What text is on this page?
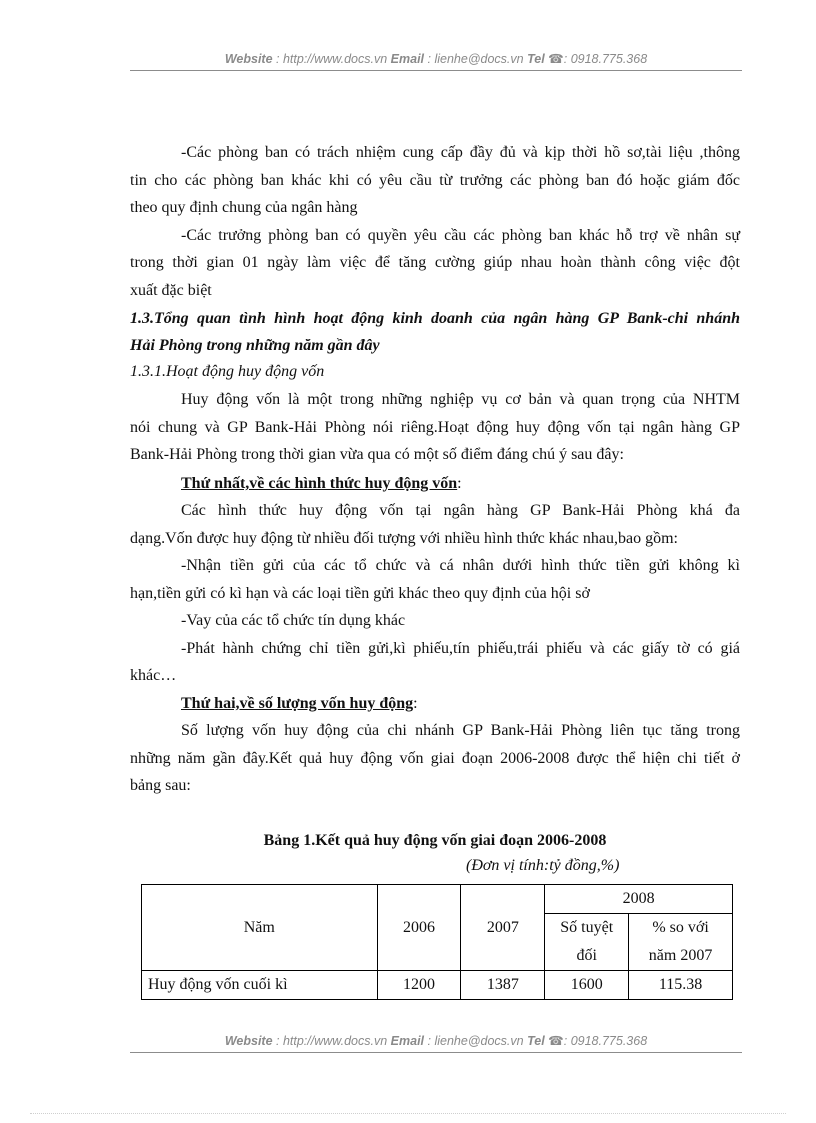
Website : http://www.docs.vn Email : lienhe@docs.vn Tel ☎: 0918.775.368
-Các phòng ban có trách nhiệm cung cấp đầy đủ và kịp thời hồ sơ,tài liệu ,thông
tin cho các phòng ban khác khi có yêu cầu từ trưởng các phòng ban đó hoặc giám đốc
theo quy định chung của ngân hàng
-Các trưởng phòng ban có quyền yêu cầu các phòng ban khác hỗ trợ về nhân sự
trong thời gian 01 ngày làm việc để tăng cường giúp nhau hoàn thành công việc đột
xuất đặc biệt
1.3.Tổng quan tình hình hoạt động kinh doanh của ngân hàng GP Bank-chi nhánh
Hải Phòng trong những năm gần đây
1.3.1.Hoạt động huy động vốn
Huy động vốn là một trong những nghiệp vụ cơ bản và quan trọng của NHTM
nói chung và GP Bank-Hải Phòng nói riêng.Hoạt động huy động vốn tại ngân hàng GP
Bank-Hải Phòng trong thời gian vừa qua có một số điểm đáng chú ý sau đây:
Thứ nhất,về các hình thức huy động vốn:
Các hình thức huy động vốn tại ngân hàng GP Bank-Hải Phòng khá đa
dạng.Vốn được huy động từ nhiều đối tượng với nhiều hình thức khác nhau,bao gồm:
-Nhận tiền gửi của các tổ chức và cá nhân dưới hình thức tiền gửi không kì
hạn,tiền gửi có kì hạn và các loại tiền gửi khác theo quy định của hội sở
-Vay của các tổ chức tín dụng khác
-Phát hành chứng chỉ tiền gửi,kì phiếu,tín phiếu,trái phiếu và các giấy tờ có giá
khác…
Thứ hai,về số lượng vốn huy động:
Số lượng vốn huy động của chi nhánh GP Bank-Hải Phòng liên tục tăng trong
những năm gần đây.Kết quả huy động vốn giai đoạn 2006-2008 được thể hiện chi tiết ở
bảng sau:
Bảng 1.Kết quả huy động vốn giai đoạn 2006-2008
(Đơn vị tính:tỷ đồng,%)
Năm	2006	2007	2008	
			Số tuyệt	% so với
			đối	năm 2007
Huy động vốn cuối kì	1200	1387	1600	115.38
Website : http://www.docs.vn Email : lienhe@docs.vn Tel ☎: 0918.775.368
